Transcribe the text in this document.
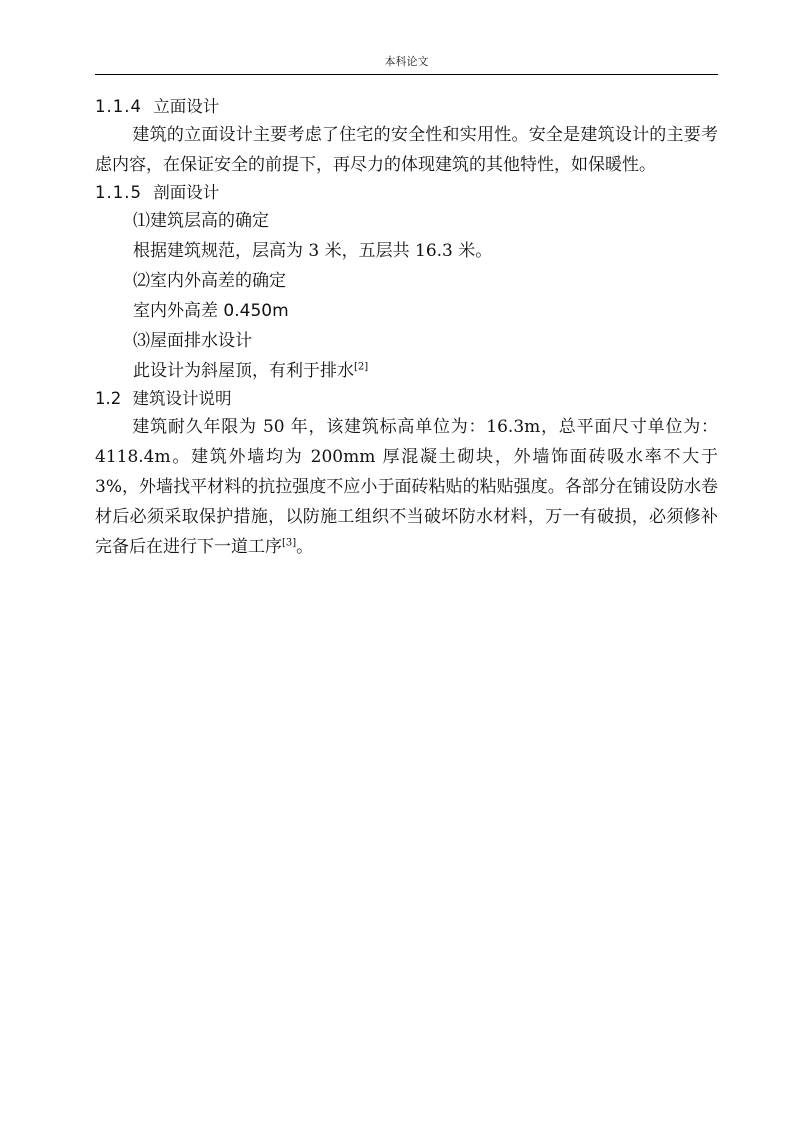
本科论文
1.1.4 立面设计

建筑的立面设计主要考虑了住宅的安全性和实用性。安全是建筑设计的主要考虑内容，在保证安全的前提下，再尽力的体现建筑的其他特性，如保暖性。

1.1.5 剖面设计

⑴建筑层高的确定

根据建筑规范，层高为 3 米，五层共 16.3 米。

⑵室内外高差的确定

室内外高差 0.450m

⑶屋面排水设计

此设计为斜屋顶，有利于排水[2]

1.2 建筑设计说明

建筑耐久年限为 50 年，该建筑标高单位为：16.3m，总平面尺寸单位为：4118.4m。建筑外墙均为 200mm 厚混凝土砌块，外墙饰面砖吸水率不大于 3%，外墙找平材料的抗拉强度不应小于面砖粘贴的粘贴强度。各部分在铺设防水卷材后必须采取保护措施，以防施工组织不当破坏防水材料，万一有破损，必须修补完备后在进行下一道工序[3]。
